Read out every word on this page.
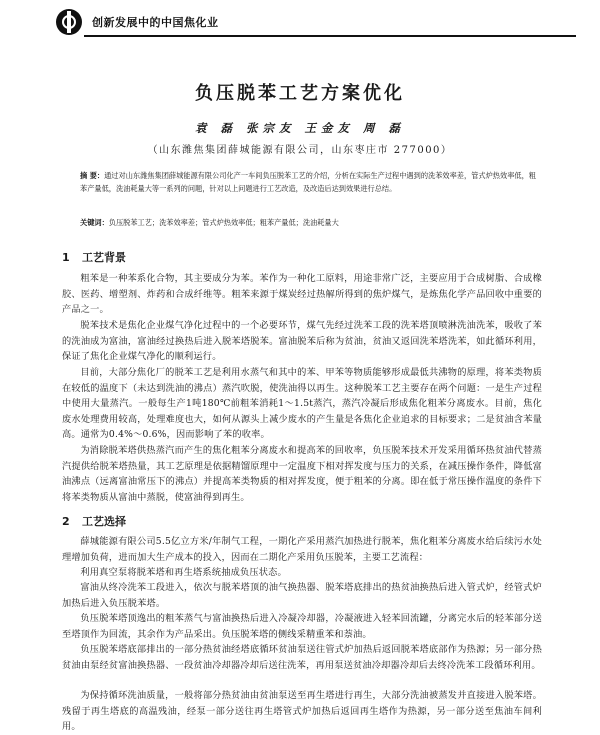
创新发展中的中国焦化业
负压脱苯工艺方案优化
袁 磊 张宗友 王金友 周 磊
（山东潍焦集团薛城能源有限公司，山东枣庄市 277000）
摘 要：通过对山东潍焦集团薛城能源有限公司化产一车间负压脱苯工艺的介绍，分析在实际生产过程中遇到的洗苯效率差，管式炉热效率低，粗苯产量低，洗油耗量大等一系列的问题，针对以上问题进行工艺改造，及改造后达到效果进行总结。
关键词：负压脱苯工艺；洗苯效率差；管式炉热效率低；粗苯产量低；洗油耗量大
1 工艺背景
粗苯是一种苯系化合物，其主要成分为苯。苯作为一种化工原料，用途非常广泛，主要应用于合成树脂、合成橡胶、医药、增塑剂、炸药和合成纤维等。粗苯来源于煤炭经过热解所得到的焦炉煤气，是炼焦化学产品回收中重要的产品之一。
脱苯技术是焦化企业煤气净化过程中的一个必要环节，煤气先经过洗苯工段的洗苯塔顶喷淋洗油洗苯，吸收了苯的洗油成为富油，富油经过换热后进入脱苯塔脱苯。富油脱苯后称为贫油，贫油又返回洗苯塔洗苯，如此循环利用，保证了焦化企业煤气净化的顺利运行。
目前，大部分焦化厂的脱苯工艺是利用水蒸气和其中的苯、甲苯等物质能够形成最低共沸物的原理，将苯类物质在较低的温度下（未达到洗油的沸点）蒸汽吹脱，使洗油得以再生。这种脱苯工艺主要存在两个问题：一是生产过程中使用大量蒸汽。一般每生产1吨180℃前粗苯消耗1～1.5t蒸汽，蒸汽冷凝后形成焦化粗苯分离废水。目前，焦化废水处理费用较高，处理难度也大，如何从源头上减少废水的产生量是各焦化企业追求的目标要求；二是贫油含苯量高。通常为0.4%～0.6%，因而影响了苯的收率。
为消除脱苯塔供热蒸汽而产生的焦化粗苯分离废水和提高苯的回收率，负压脱苯技术开发采用循环热贫油代替蒸汽提供给脱苯塔热量，其工艺原理是依据精馏原理中一定温度下相对挥发度与压力的关系，在减压操作条件，降低富油沸点（远离富油常压下的沸点）并提高苯类物质的相对挥发度，便于粗苯的分离。即在低于常压操作温度的条件下将苯类物质从富油中蒸脱，使富油得到再生。
2 工艺选择
薛城能源有限公司5.5亿立方米/年制气工程，一期化产采用蒸汽加热进行脱苯，焦化粗苯分离废水给后续污水处理增加负荷，进而加大生产成本的投入，因而在二期化产采用负压脱苯，主要工艺流程：
利用真空泵将脱苯塔和再生塔系统抽成负压状态。
富油从终冷洗苯工段进入，依次与脱苯塔顶的油气换热器、脱苯塔底排出的热贫油换热后进入管式炉，经管式炉加热后进入负压脱苯塔。
负压脱苯塔顶逸出的粗苯蒸气与富油换热后进入冷凝冷却器，冷凝液进入轻苯回流罐，分离完水后的轻苯部分送至塔顶作为回流，其余作为产品采出。负压脱苯塔的侧线采精重苯和萘油。
负压脱苯塔底部排出的一部分热贫油经塔底循环贫油泵送往管式炉加热后返回脱苯塔底部作为热源；另一部分热贫油由泵经贫富油换热器、一段贫油冷却器冷却后送往洗苯，再用泵送贫油冷却器冷却后去终冷洗苯工段循环利用。
为保持循环洗油质量，一般将部分热贫油由贫油泵送至再生塔进行再生，大部分洗油被蒸发并直接进入脱苯塔。残留于再生塔底的高温残油，经泵一部分送往再生塔管式炉加热后返回再生塔作为热源，另一部分送至焦油车间利用。
